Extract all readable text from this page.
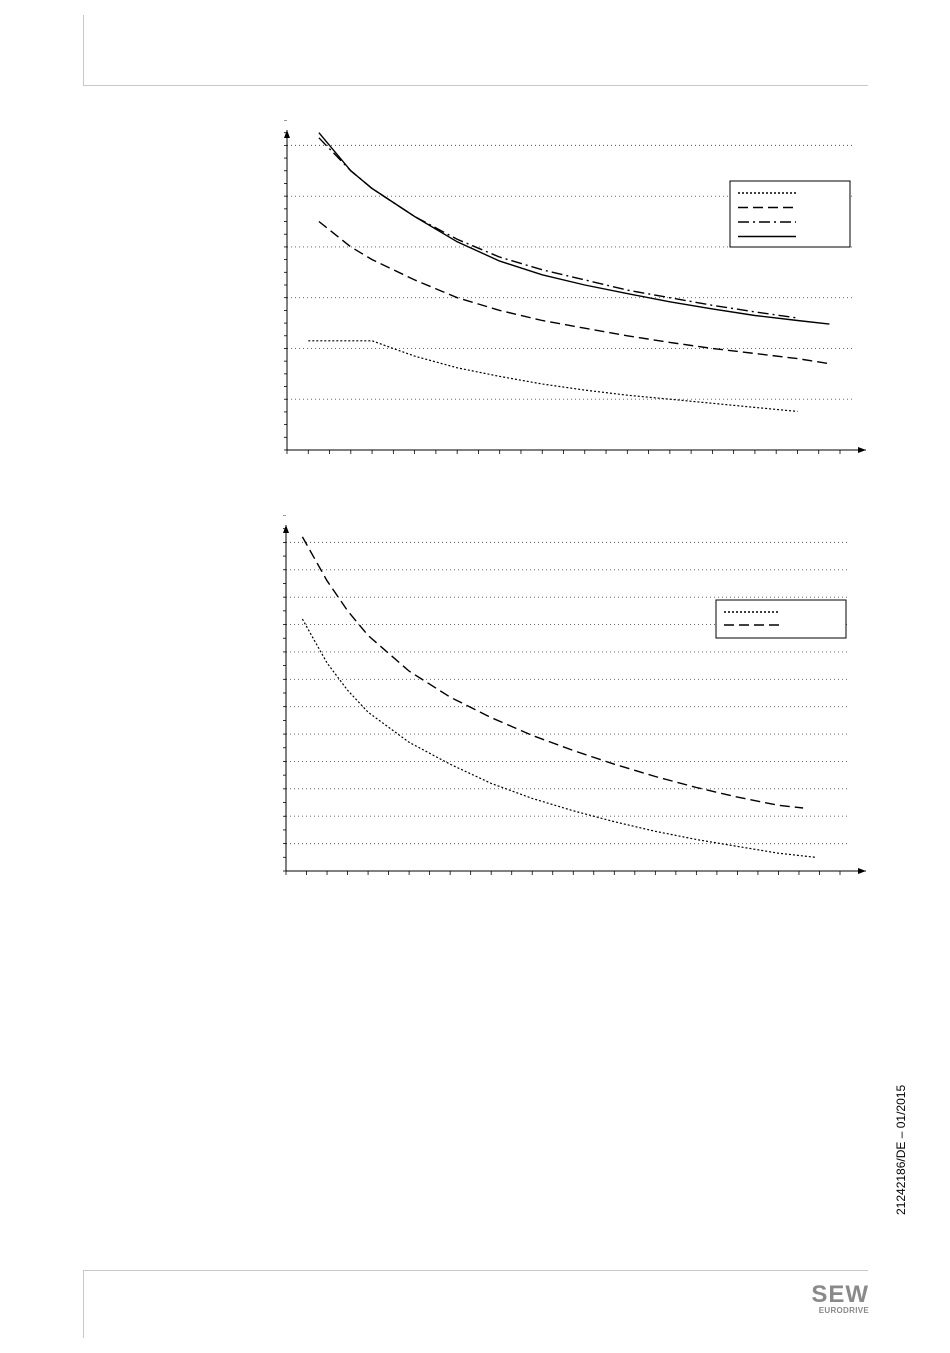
21242186/DE – 01/2015
SEW
EURODRIVE
